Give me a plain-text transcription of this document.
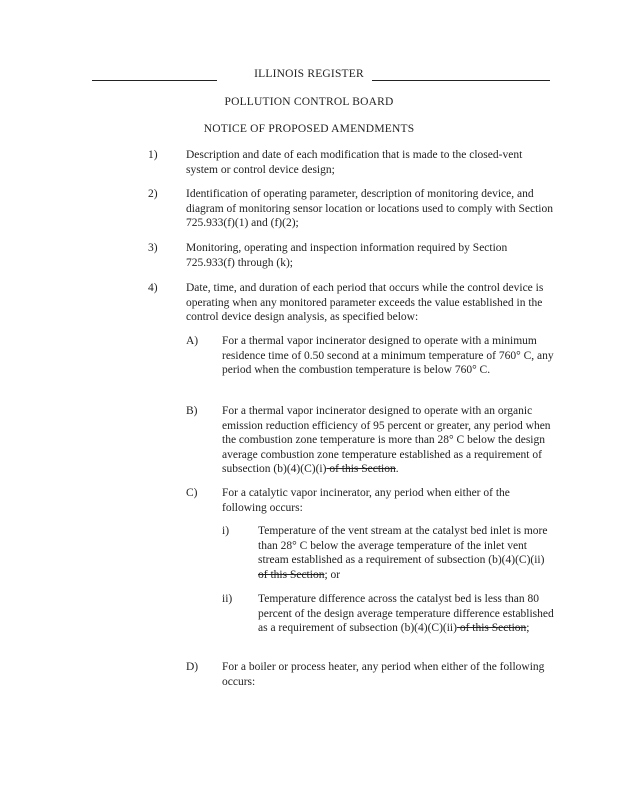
ILLINOIS REGISTER
POLLUTION CONTROL BOARD
NOTICE OF PROPOSED AMENDMENTS
1) Description and date of each modification that is made to the closed-vent system or control device design;
2) Identification of operating parameter, description of monitoring device, and diagram of monitoring sensor location or locations used to comply with Section 725.933(f)(1) and (f)(2);
3) Monitoring, operating and inspection information required by Section 725.933(f) through (k);
4) Date, time, and duration of each period that occurs while the control device is operating when any monitored parameter exceeds the value established in the control device design analysis, as specified below:
A) For a thermal vapor incinerator designed to operate with a minimum residence time of 0.50 second at a minimum temperature of 760° C, any period when the combustion temperature is below 760° C.
B) For a thermal vapor incinerator designed to operate with an organic emission reduction efficiency of 95 percent or greater, any period when the combustion zone temperature is more than 28° C below the design average combustion zone temperature established as a requirement of subsection (b)(4)(C)(i) of this Section.
C) For a catalytic vapor incinerator, any period when either of the following occurs:
i)	Temperature of the vent stream at the catalyst bed inlet is more than 28° C below the average temperature of the inlet vent stream established as a requirement of subsection (b)(4)(C)(ii) of this Section; or
ii) Temperature difference across the catalyst bed is less than 80 percent of the design average temperature difference established as a requirement of subsection (b)(4)(C)(ii) of this Section;
D) For a boiler or process heater, any period when either of the following occurs:
